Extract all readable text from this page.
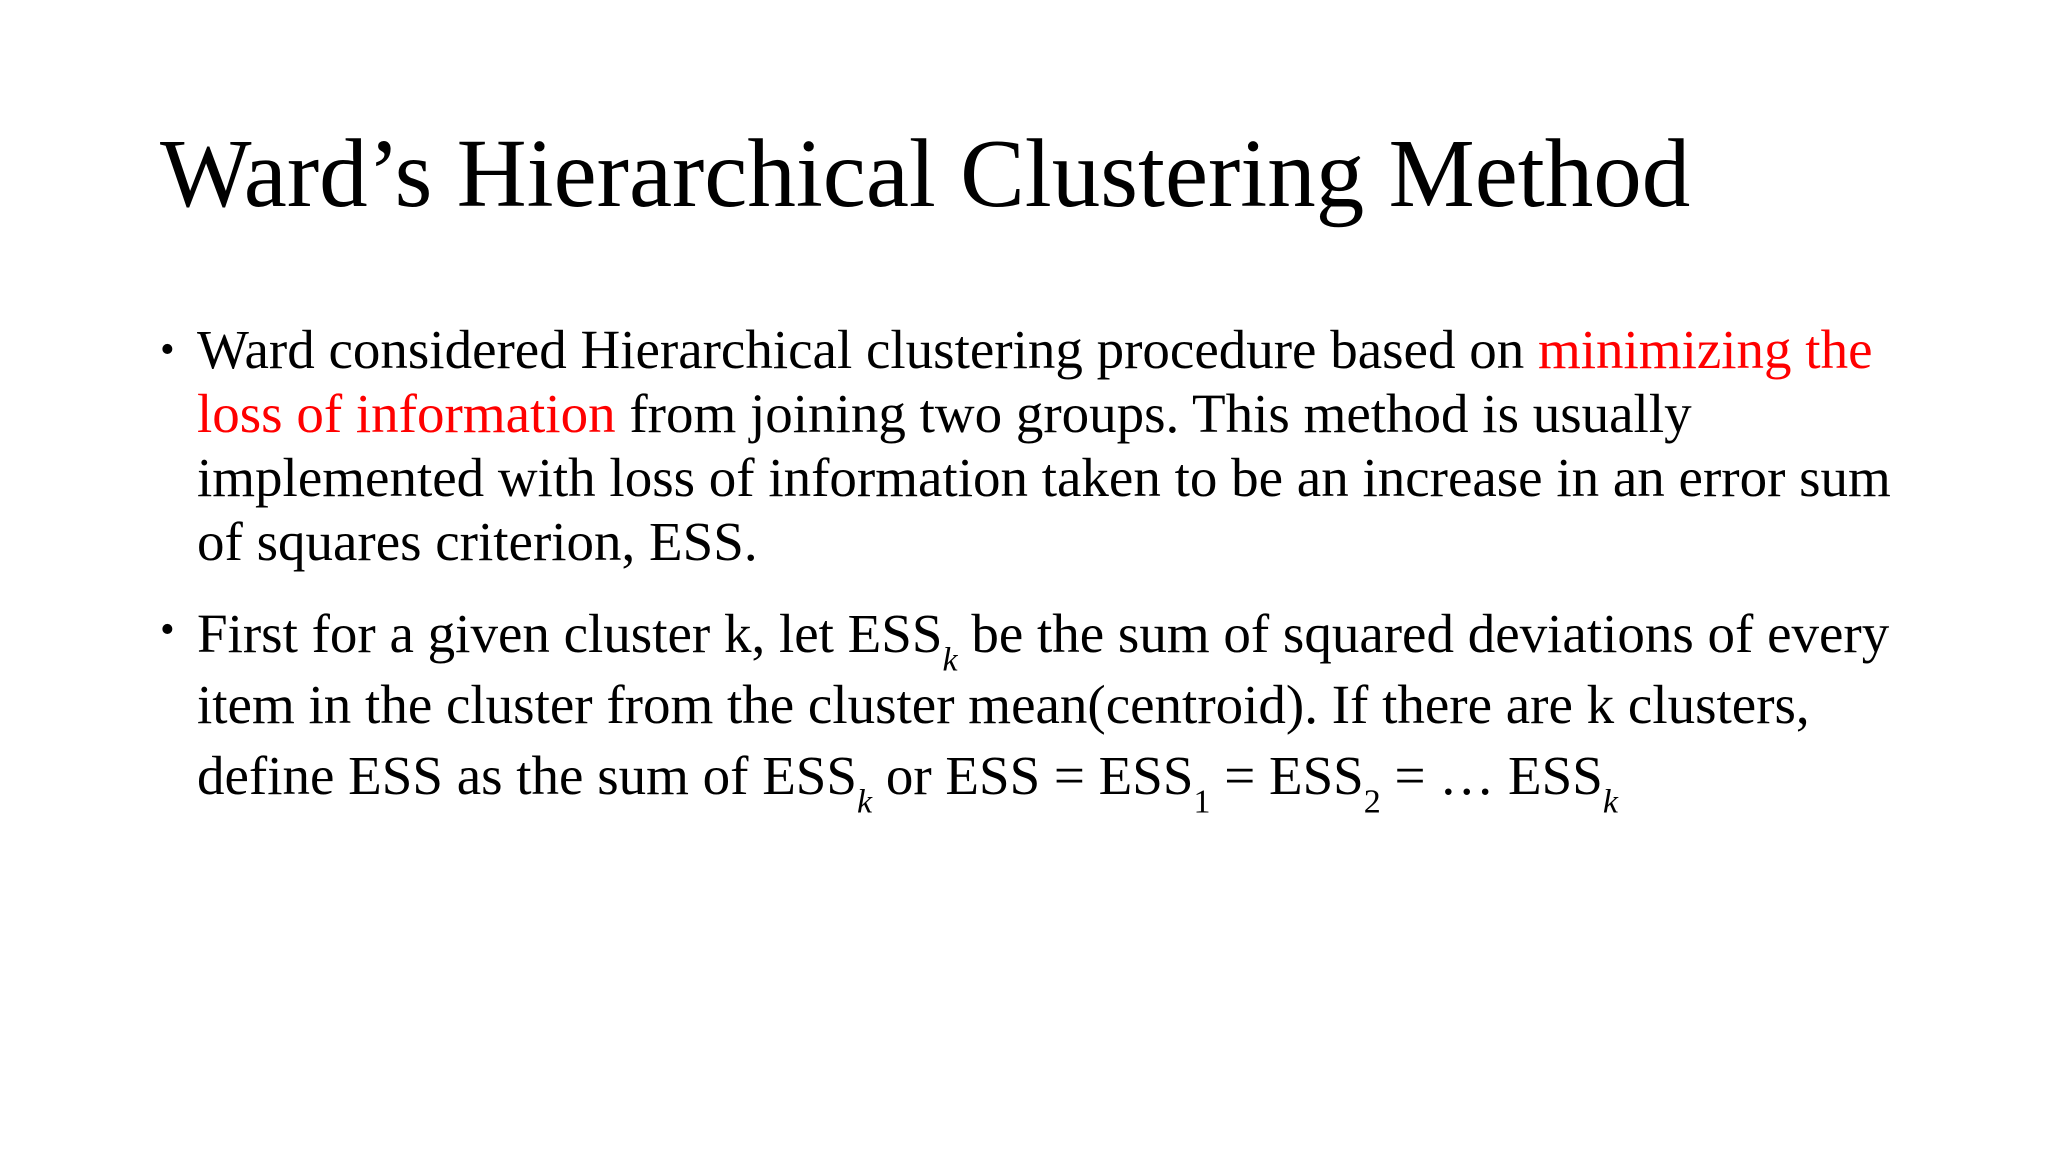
Ward’s Hierarchical Clustering Method
• Ward considered Hierarchical clustering procedure based on minimizing the loss of information from joining two groups. This method is usually implemented with loss of information taken to be an increase in an error sum of squares criterion, ESS.
• First for a given cluster k, let $ESS_k$ be the sum of squared deviations of every item in the cluster from the cluster mean(centroid). If there are k clusters, define ESS as the sum of $ESS_k$ or ESS = $ESS_1 = ESS_2$ = … $ESS_k$
